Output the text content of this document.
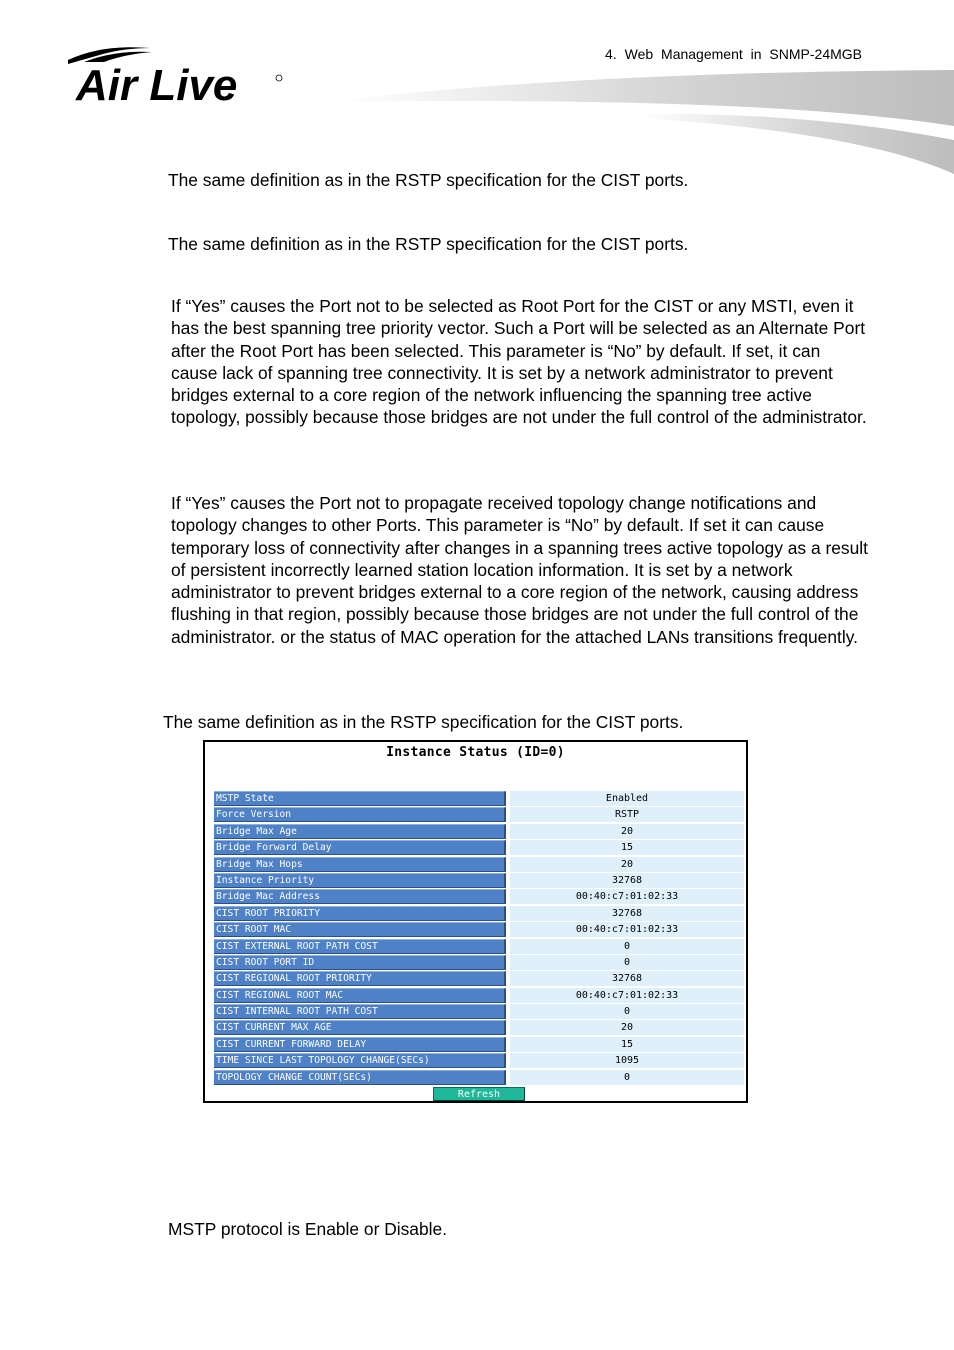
Air Live
4. Web Management in SNMP-24MGB

The same definition as in the RSTP specification for the CIST ports.

The same definition as in the RSTP specification for the CIST ports.

If “Yes” causes the Port not to be selected as Root Port for the CIST or any MSTI, even it has the best spanning tree priority vector. Such a Port will be selected as an Alternate Port after the Root Port has been selected. This parameter is “No” by default. If set, it can cause lack of spanning tree connectivity. It is set by a network administrator to prevent bridges external to a core region of the network influencing the spanning tree active topology, possibly because those bridges are not under the full control of the administrator.

If “Yes” causes the Port not to propagate received topology change notifications and topology changes to other Ports. This parameter is “No” by default. If set it can cause temporary loss of connectivity after changes in a spanning trees active topology as a result of persistent incorrectly learned station location information. It is set by a network administrator to prevent bridges external to a core region of the network, causing address flushing in that region, possibly because those bridges are not under the full control of the administrator. or the status of MAC operation for the attached LANs transitions frequently.

The same definition as in the RSTP specification for the CIST ports.

MSTP protocol is Enable or Disable.

Instance Status (ID=0)
MSTP State	Enabled
Force Version	RSTP
Bridge Max Age	20
Bridge Forward Delay	15
Bridge Max Hops	20
Instance Priority	32768
Bridge Mac Address	00:40:c7:01:02:33
CIST ROOT PRIORITY	32768
CIST ROOT MAC	00:40:c7:01:02:33
CIST EXTERNAL ROOT PATH COST	0
CIST ROOT PORT ID	0
CIST REGIONAL ROOT PRIORITY	32768
CIST REGIONAL ROOT MAC	00:40:c7:01:02:33
CIST INTERNAL ROOT PATH COST	0
CIST CURRENT MAX AGE	20
CIST CURRENT FORWARD DELAY	15
TIME SINCE LAST TOPOLOGY CHANGE(SECs)	1095
TOPOLOGY CHANGE COUNT(SECs)	0
Refresh
